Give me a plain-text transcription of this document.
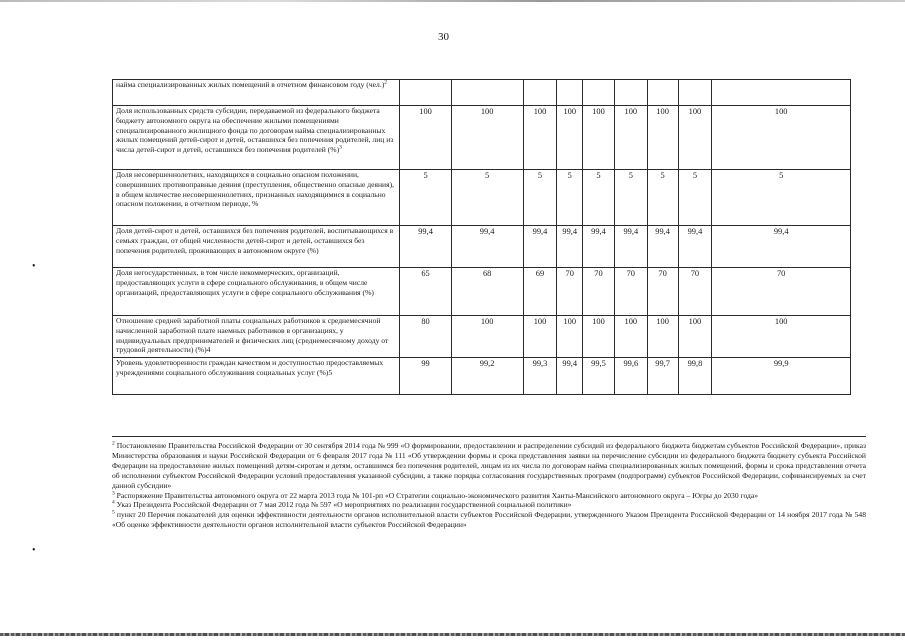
30
•
•
найма специализированных жилых помещений в отчетном финансовом году $(чел.)^2$									
Доля использованных средств субсидии, передаваемой из федерального бюджета бюджету автономного округа на обеспечение жилыми помещениями специализированного жилищного фонда по договорам найма специализированных жилых помещений детей-сирот и детей, оставшихся без попечения родителей, лиц из числа детей-сирот и детей, оставшихся без попечения родителей (%)$^3$	100	100	100	100	100	100	100	100	100
Доля несовершеннолетних, находящихся в социально опасном положении, совершивших противоправные деяния (преступления, общественно опасные деяния), в общем количестве несовершеннолетних, признанных находящимися в социально опасном положении, в отчетном периоде, %	5	5	5	5	5	5	5	5	5
Доля детей-сирот и детей, оставшихся без попечения родителей, воспитывающихся в семьях граждан, от общей численности детей-сирот и детей, оставшихся без попечения родителей, проживающих в автономном округе (%)	99,4	99,4	99,4	99,4	99,4	99,4	99,4	99,4	99,4
Доля негосударственных, в том числе некоммерческих, организаций, предоставляющих услуги в сфере социального обслуживания, в общем числе организаций, предоставляющих услуги в сфере социального обслуживания (%)	65	68	69	70	70	70	70	70	70
Отношение средней заработной платы социальных работников к среднемесячной начисленной заработной плате наемных работников в организациях, у индивидуальных предпринимателей и физических лиц (среднемесячному доходу от трудовой деятельности) (%)4	80	100	100	100	100	100	100	100	100
Уровень удовлетворенности граждан качеством и доступностью предоставляемых учреждениями социального обслуживания социальных услуг (%)5	99	99,2	99,3	99,4	99,5	99,6	99,7	99,8	99,9

$^2$ Постановление Правительства Российской Федерации от 30 сентября 2014 года № 999 «О формировании, предоставлении и распределении субсидий из федерального бюджета бюджетам субъектов Российской Федерации», приказ Министерства образования и науки Российской Федерации от 6 февраля 2017 года № 111 «Об утверждении формы и срока представления заявки на перечисление субсидии из федерального бюджета бюджету субъекта Российской Федерации на предоставление жилых помещений детям-сиротам и детям, оставшимся без попечения родителей, лицам из их числа по договорам найма специализированных жилых помещений, формы и срока представления отчета об исполнении субъектом Российской Федерации условий предоставления указанной субсидии, а также порядка согласования государственных программ (подпрограмм) субъектов Российской Федерации, софинансируемых за счет данной субсидии»

$^3$ Распоряжение Правительства автономного округа от 22 марта 2013 года № 101-рп «О Стратегии социально-экономического развития Ханты-Мансийского автономного округа – Югры до 2030 года»

$^4$ Указ Президента Российской Федерации от 7 мая 2012 года № 597 «О мероприятиях по реализации государственной социальной политики»

$^5$ пункт 20 Перечня показателей для оценки эффективности деятельности органов исполнительной власти субъектов Российской Федерации, утвержденного Указом Президента Российской Федерации от 14 ноября 2017 года № 548 «Об оценке эффективности деятельности органов исполнительной власти субъектов Российской Федерации»
